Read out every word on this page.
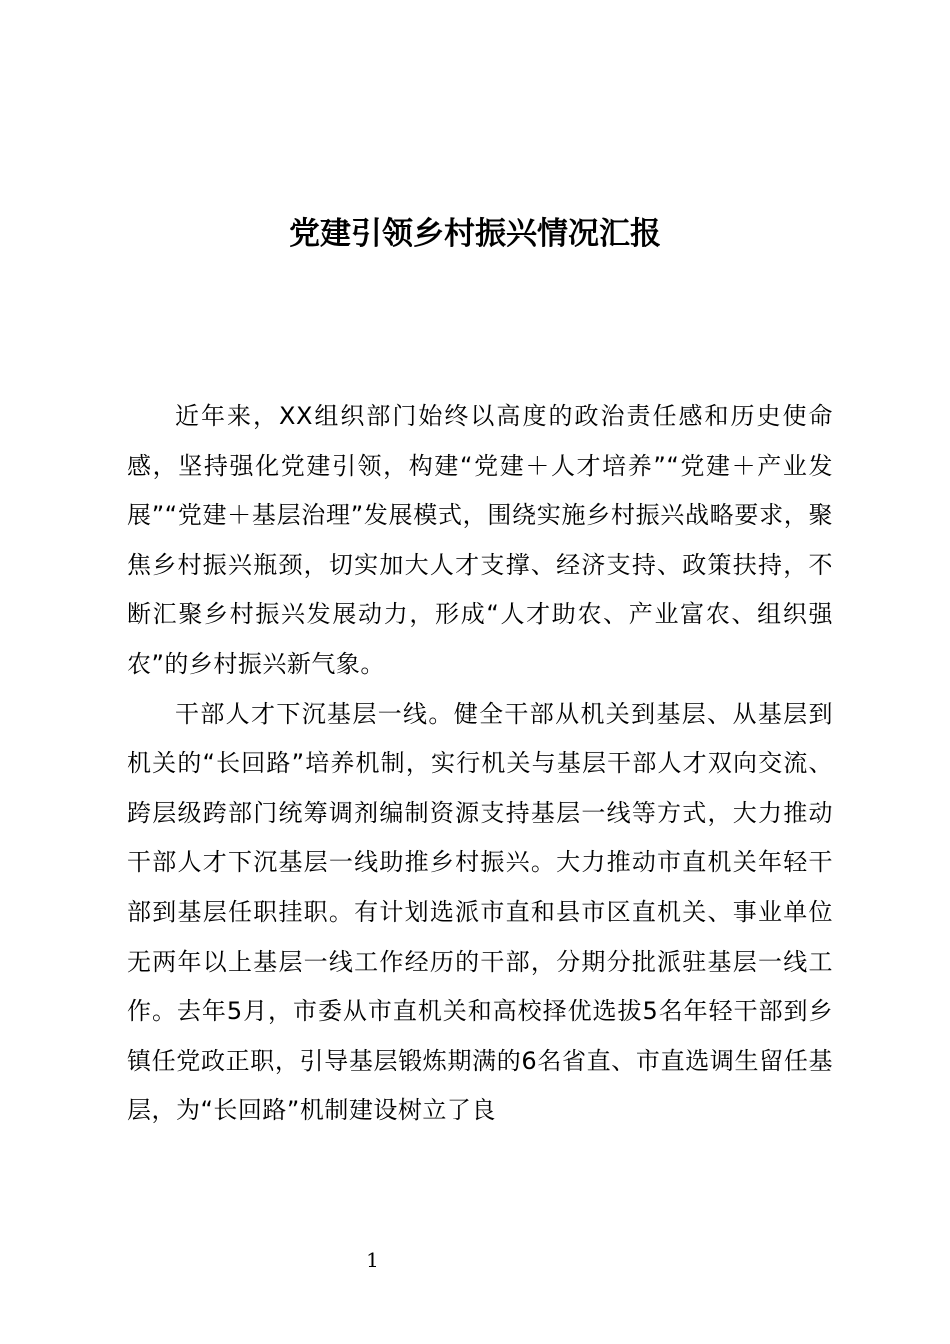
党建引领乡村振兴情况汇报

近年来，XX组织部门始终以高度的政治责任感和历史使命感，坚持强化党建引领，构建“党建＋人才培养”“党建＋产业发展”“党建＋基层治理”发展模式，围绕实施乡村振兴战略要求，聚焦乡村振兴瓶颈，切实加大人才支撑、经济支持、政策扶持，不断汇聚乡村振兴发展动力，形成“人才助农、产业富农、组织强农”的乡村振兴新气象。

干部人才下沉基层一线。健全干部从机关到基层、从基层到机关的“长回路”培养机制，实行机关与基层干部人才双向交流、跨层级跨部门统筹调剂编制资源支持基层一线等方式，大力推动干部人才下沉基层一线助推乡村振兴。大力推动市直机关年轻干部到基层任职挂职。有计划选派市直和县市区直机关、事业单位无两年以上基层一线工作经历的干部，分期分批派驻基层一线工作。去年5月，市委从市直机关和高校择优选拔5名年轻干部到乡镇任党政正职，引导基层锻炼期满的6名省直、市直选调生留任基层，为“长回路”机制建设树立了良

1
